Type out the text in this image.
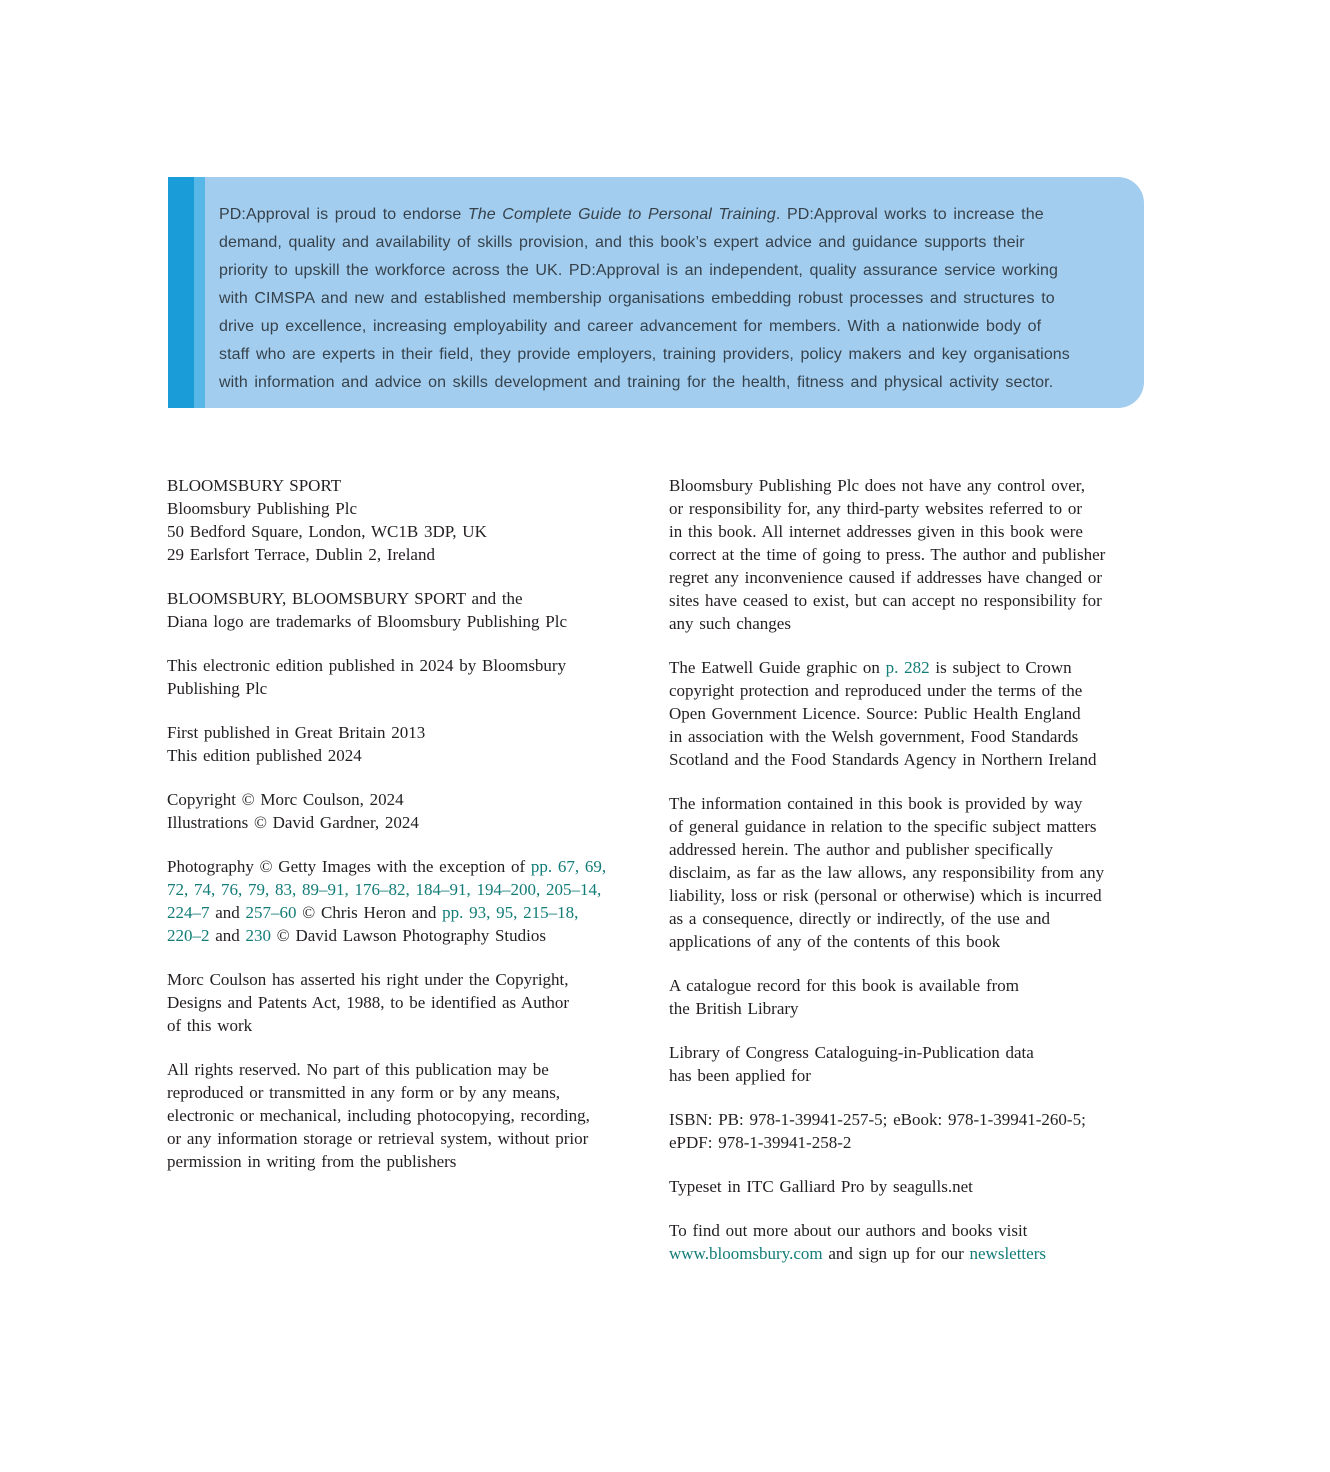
PD:Approval is proud to endorse The Complete Guide to Personal Training. PD:Approval works to increase the
demand, quality and availability of skills provision, and this book’s expert advice and guidance supports their
priority to upskill the workforce across the UK. PD:Approval is an independent, quality assurance service working
with CIMSPA and new and established membership organisations embedding robust processes and structures to
drive up excellence, increasing employability and career advancement for members. With a nationwide body of
staff who are experts in their field, they provide employers, training providers, policy makers and key organisations
with information and advice on skills development and training for the health, fitness and physical activity sector.
BLOOMSBURY SPORT
Bloomsbury Publishing Plc
50 Bedford Square, London, WC1B 3DP, UK
29 Earlsfort Terrace, Dublin 2, Ireland
BLOOMSBURY, BLOOMSBURY SPORT and the
Diana logo are trademarks of Bloomsbury Publishing Plc
This electronic edition published in 2024 by Bloomsbury
Publishing Plc
First published in Great Britain 2013
This edition published 2024
Copyright © Morc Coulson, 2024
Illustrations © David Gardner, 2024
Photography © Getty Images with the exception of pp. 67, 69,
72, 74, 76, 79, 83, 89–91, 176–82, 184–91, 194–200, 205–14,
224–7 and 257–60 © Chris Heron and pp. 93, 95, 215–18,
220–2 and 230 © David Lawson Photography Studios
Morc Coulson has asserted his right under the Copyright,
Designs and Patents Act, 1988, to be identified as Author
of this work
All rights reserved. No part of this publication may be
reproduced or transmitted in any form or by any means,
electronic or mechanical, including photocopying, recording,
or any information storage or retrieval system, without prior
permission in writing from the publishers
Bloomsbury Publishing Plc does not have any control over,
or responsibility for, any third-party websites referred to or
in this book. All internet addresses given in this book were
correct at the time of going to press. The author and publisher
regret any inconvenience caused if addresses have changed or
sites have ceased to exist, but can accept no responsibility for
any such changes
The Eatwell Guide graphic on p. 282 is subject to Crown
copyright protection and reproduced under the terms of the
Open Government Licence. Source: Public Health England
in association with the Welsh government, Food Standards
Scotland and the Food Standards Agency in Northern Ireland
The information contained in this book is provided by way
of general guidance in relation to the specific subject matters
addressed herein. The author and publisher specifically
disclaim, as far as the law allows, any responsibility from any
liability, loss or risk (personal or otherwise) which is incurred
as a consequence, directly or indirectly, of the use and
applications of any of the contents of this book
A catalogue record for this book is available from
the British Library
Library of Congress Cataloguing-in-Publication data
has been applied for
ISBN: PB: 978-1-39941-257-5; eBook: 978-1-39941-260-5;
ePDF: 978-1-39941-258-2
Typeset in ITC Galliard Pro by seagulls.net
To find out more about our authors and books visit
www.bloomsbury.com and sign up for our newsletters
